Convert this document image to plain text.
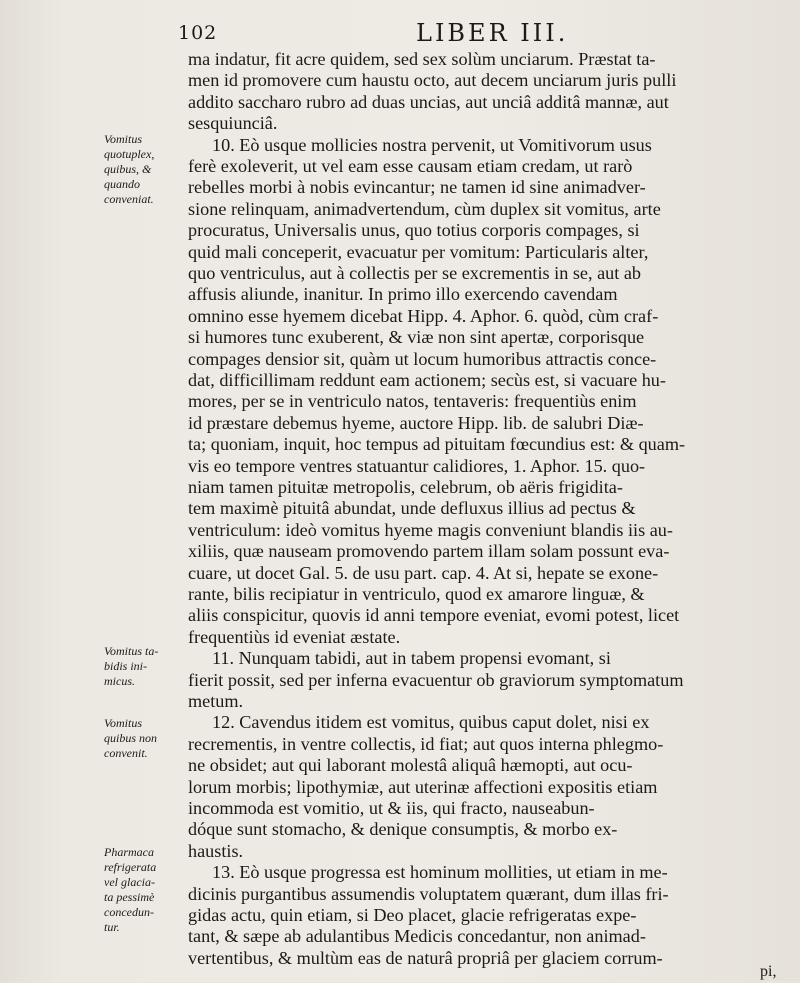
102	LIBER III.
Vomitus
quotuplex,
quibus, &
quando
conveniat.
Vomitus ta-
bidis ini-
micus.
Vomitus
quibus non
convenit.
Pharmaca
refrigerata
vel glacia-
ta pessimè
concedun-
tur.
ma indatur, fit acre quidem, sed sex solùm unciarum. Præstat ta-
men id promovere cum haustu octo, aut decem unciarum juris pulli
addito saccharo rubro ad duas uncias, aut unciâ additâ mannæ, aut
sesquiunciâ.
10. Eò usque mollicies nostra pervenit, ut Vomitivorum usus
ferè exoleverit, ut vel eam esse causam etiam credam, ut rarò
rebelles morbi à nobis evincantur; ne tamen id sine animadver-
sione relinquam, animadvertendum, cùm duplex sit vomitus, arte
procuratus, Universalis unus, quo totius corporis compages, si
quid mali conceperit, evacuatur per vomitum: Particularis alter,
quo ventriculus, aut à collectis per se excrementis in se, aut ab
affusis aliunde, inanitur. In primo illo exercendo cavendam
omnino esse hyemem dicebat Hipp. 4. Aphor. 6. quòd, cùm craf-
si humores tunc exuberent, & viæ non sint apertæ, corporisque
compages densior sit, quàm ut locum humoribus attractis conce-
dat, difficillimam reddunt eam actionem; secùs est, si vacuare hu-
mores, per se in ventriculo natos, tentaveris: frequentiùs enim
id præstare debemus hyeme, auctore Hipp. lib. de salubri Diæ-
ta; quoniam, inquit, hoc tempus ad pituitam fœcundius est: & quam-
vis eo tempore ventres statuantur calidiores, 1. Aphor. 15. quo-
niam tamen pituitæ metropolis, celebrum, ob aëris frigidita-
tem maximè pituitâ abundat, unde defluxus illius ad pectus &
ventriculum: ideò vomitus hyeme magis conveniunt blandis iis au-
xiliis, quæ nauseam promovendo partem illam solam possunt eva-
cuare, ut docet Gal. 5. de usu part. cap. 4. At si, hepate se exone-
rante, bilis recipiatur in ventriculo, quod ex amarore linguæ, &
aliis conspicitur, quovis id anni tempore eveniat, evomi potest, licet
frequentiùs id eveniat æstate.
11. Nunquam tabidi, aut in tabem propensi evomant, si
fierit possit, sed per inferna evacuentur ob graviorum symptomatum
metum.
12. Cavendus itidem est vomitus, quibus caput dolet, nisi ex
recrementis, in ventre collectis, id fiat; aut quos interna phlegmo-
ne obsidet; aut qui laborant molestâ aliquâ hæmopti, aut ocu-
lorum morbis; lipothymiæ, aut uterinæ affectioni expositis etiam
incommoda est vomitio, ut & iis, qui fracto, nauseabun-
dóque sunt stomacho, & denique consumptis, & morbo ex-
haustis.
13. Eò usque progressa est hominum mollities, ut etiam in me-
dicinis purgantibus assumendis voluptatem quærant, dum illas fri-
gidas actu, quin etiam, si Deo placet, glacie refrigeratas expe-
tant, & sæpe ab adulantibus Medicis concedantur, non animad-
pi,
vertentibus, & multùm eas de naturâ propriâ per glaciem corrum-
